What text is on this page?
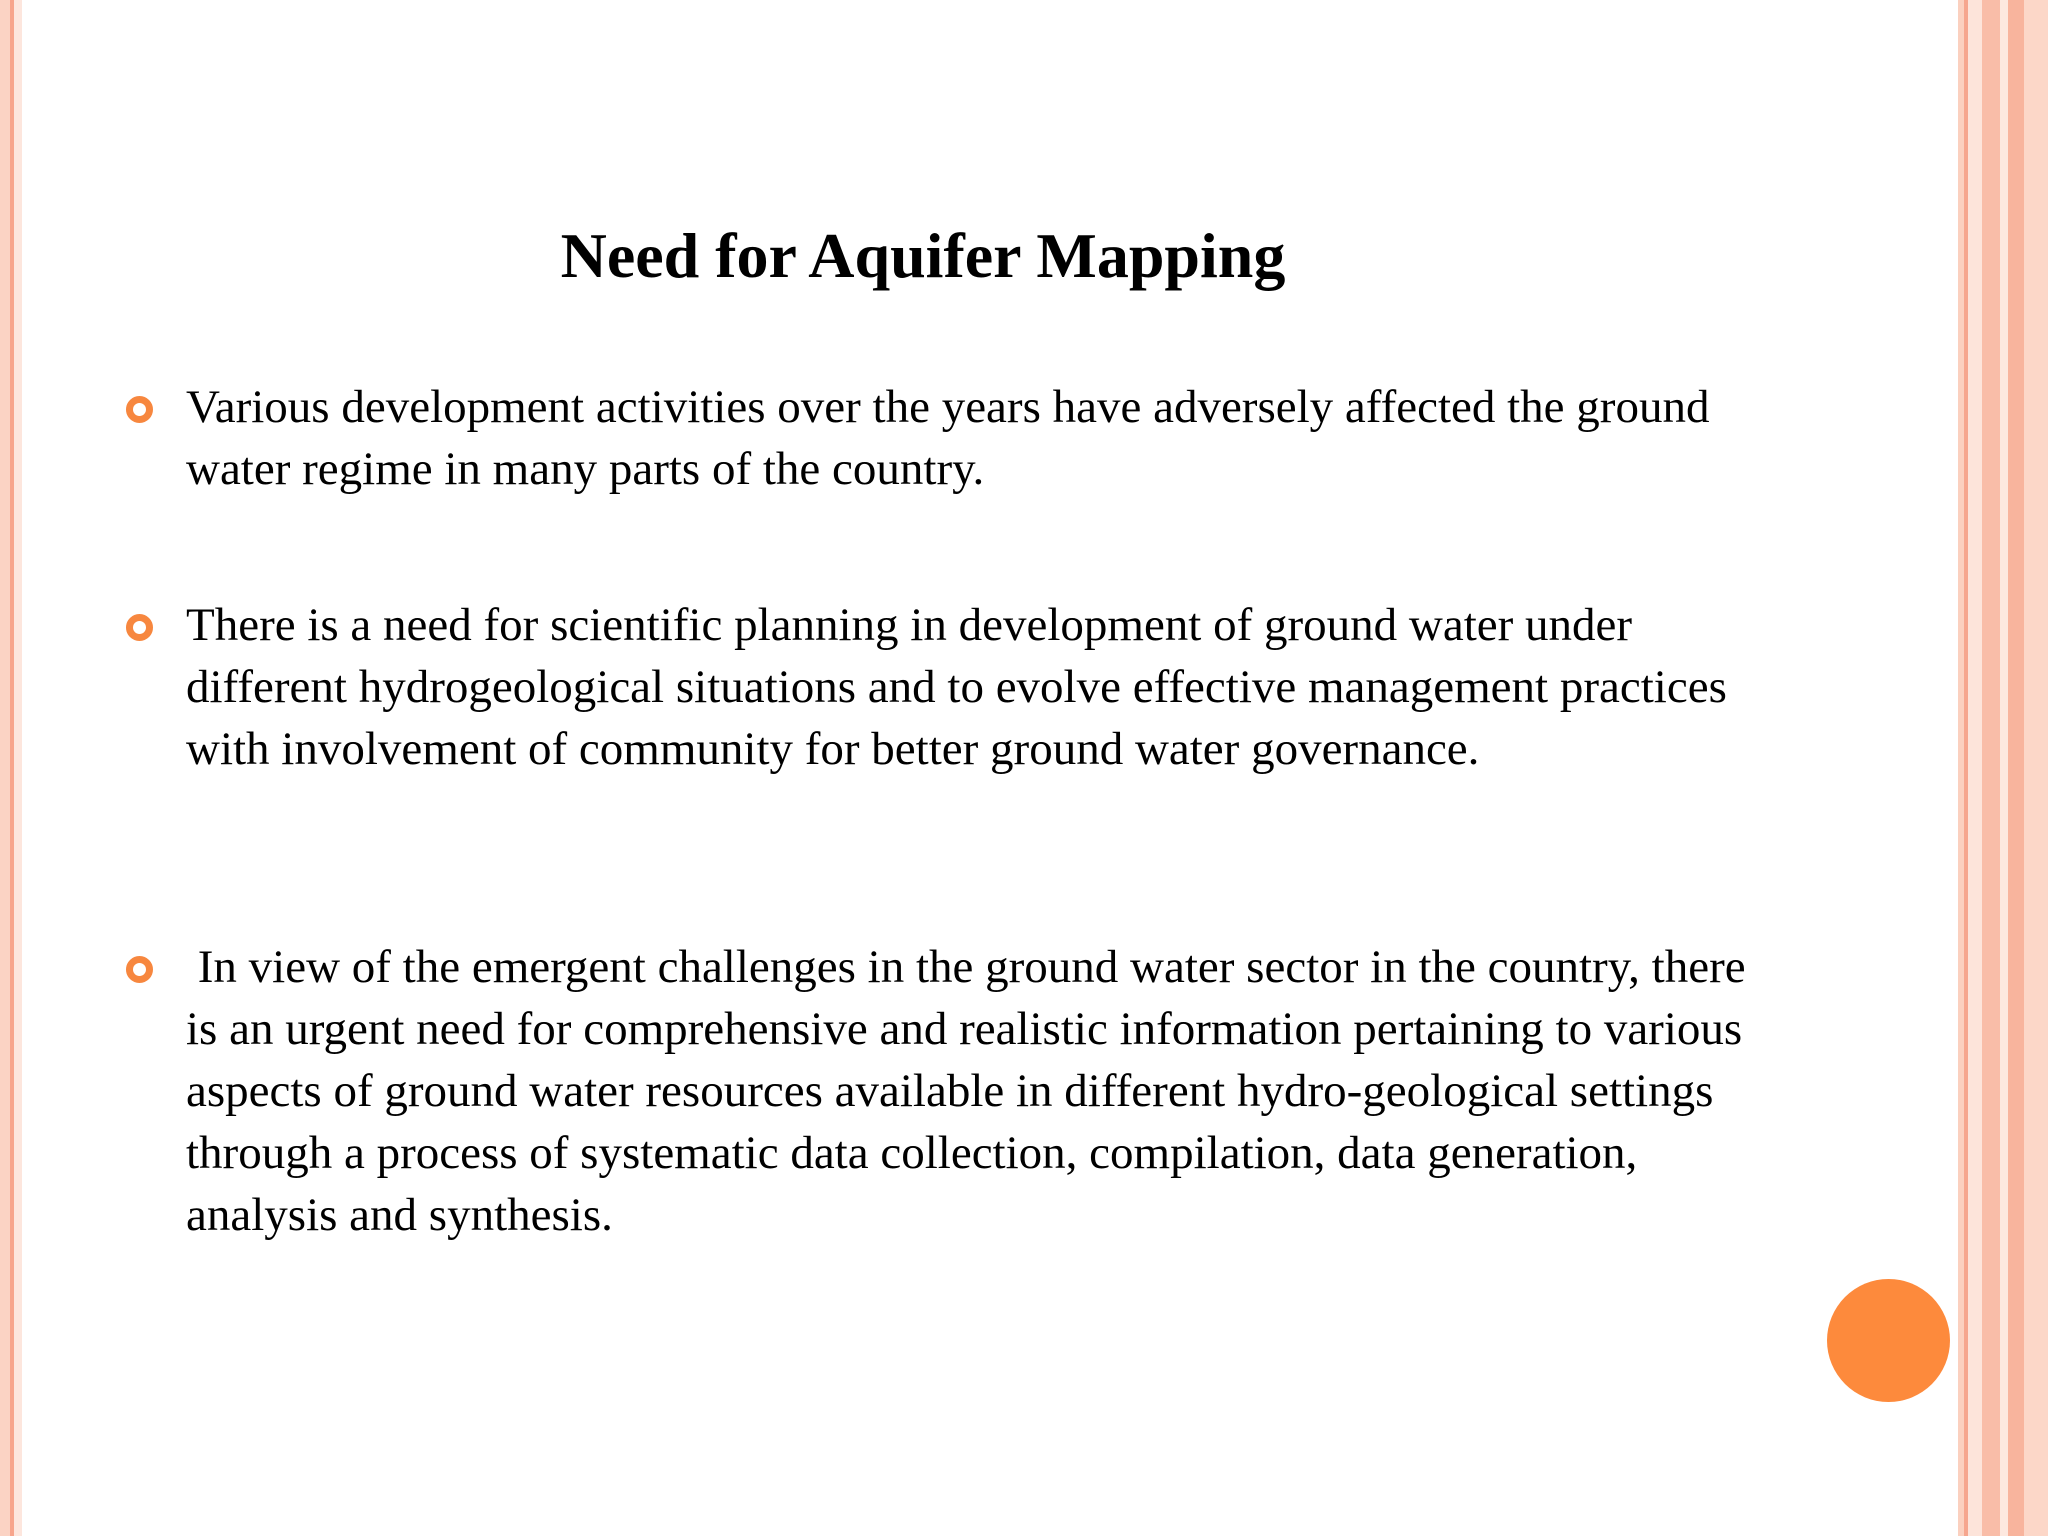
Need for Aquifer Mapping
Various development activities over the years have adversely affected the ground water regime in many parts of the country.
There is a need for scientific planning in development of ground water under different hydrogeological situations and to evolve effective management practices with involvement of community for better ground water governance.
In view of the emergent challenges in the ground water sector in the country, there is an urgent need for comprehensive and realistic information pertaining to various aspects of ground water resources available in different hydro-geological settings through a process of systematic data collection, compilation, data generation, analysis and synthesis.
